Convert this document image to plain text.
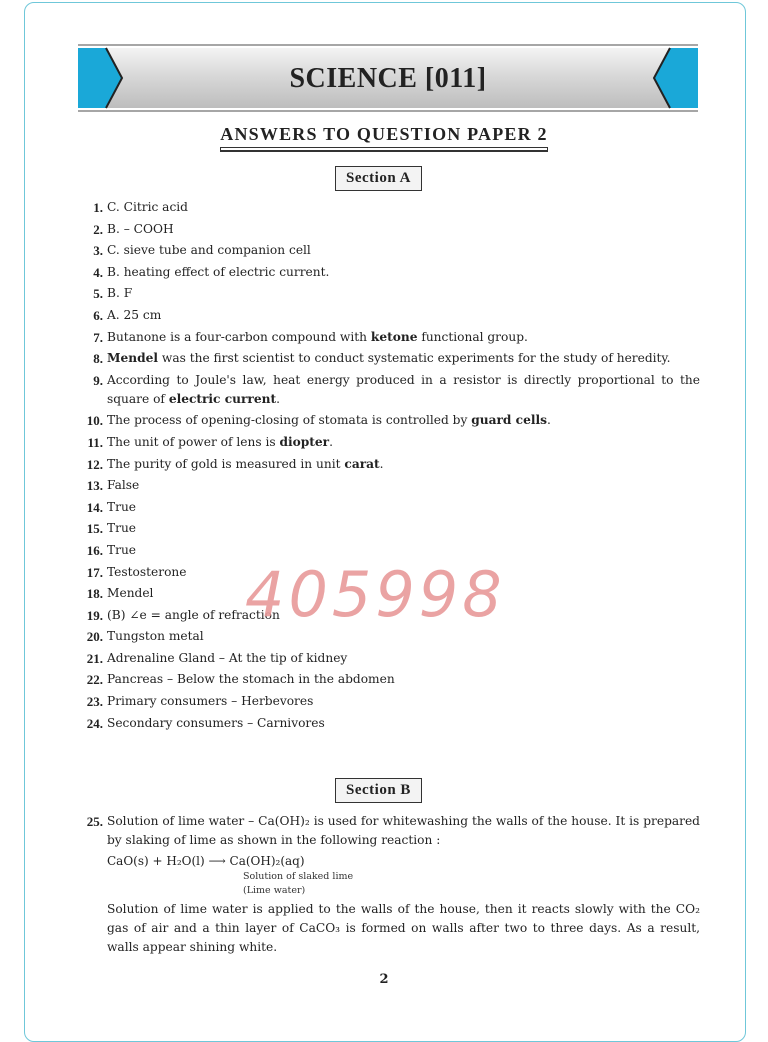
SCIENCE [011]
ANSWERS TO QUESTION PAPER 2
Section A
1. C. Citric acid
2. B. – COOH
3. C. sieve tube and companion cell
4. B. heating effect of electric current.
5. B. F
6. A. 25 cm
7. Butanone is a four-carbon compound with ketone functional group.
8. Mendel was the first scientist to conduct systematic experiments for the study of heredity.
9. According to Joule's law, heat energy produced in a resistor is directly proportional to the square of electric current.
10. The process of opening-closing of stomata is controlled by guard cells.
11. The unit of power of lens is diopter.
12. The purity of gold is measured in unit carat.
13. False
14. True
15. True
16. True
17. Testosterone
18. Mendel
19. (B) ∠e = angle of refraction
20. Tungston metal
21. Adrenaline Gland – At the tip of kidney
22. Pancreas – Below the stomach in the abdomen
23. Primary consumers – Herbevores
24. Secondary consumers – Carnivores
405998
Section B
25. Solution of lime water – Ca(OH)₂ is used for whitewashing the walls of the house. It is prepared by slaking of lime as shown in the following reaction :
CaO(s) + H₂O(l) ⟶ Ca(OH)₂(aq)
Solution of slaked lime
(Lime water)
Solution of lime water is applied to the walls of the house, then it reacts slowly with the CO₂ gas of air and a thin layer of CaCO₃ is formed on walls after two to three days. As a result, walls appear shining white.
2
